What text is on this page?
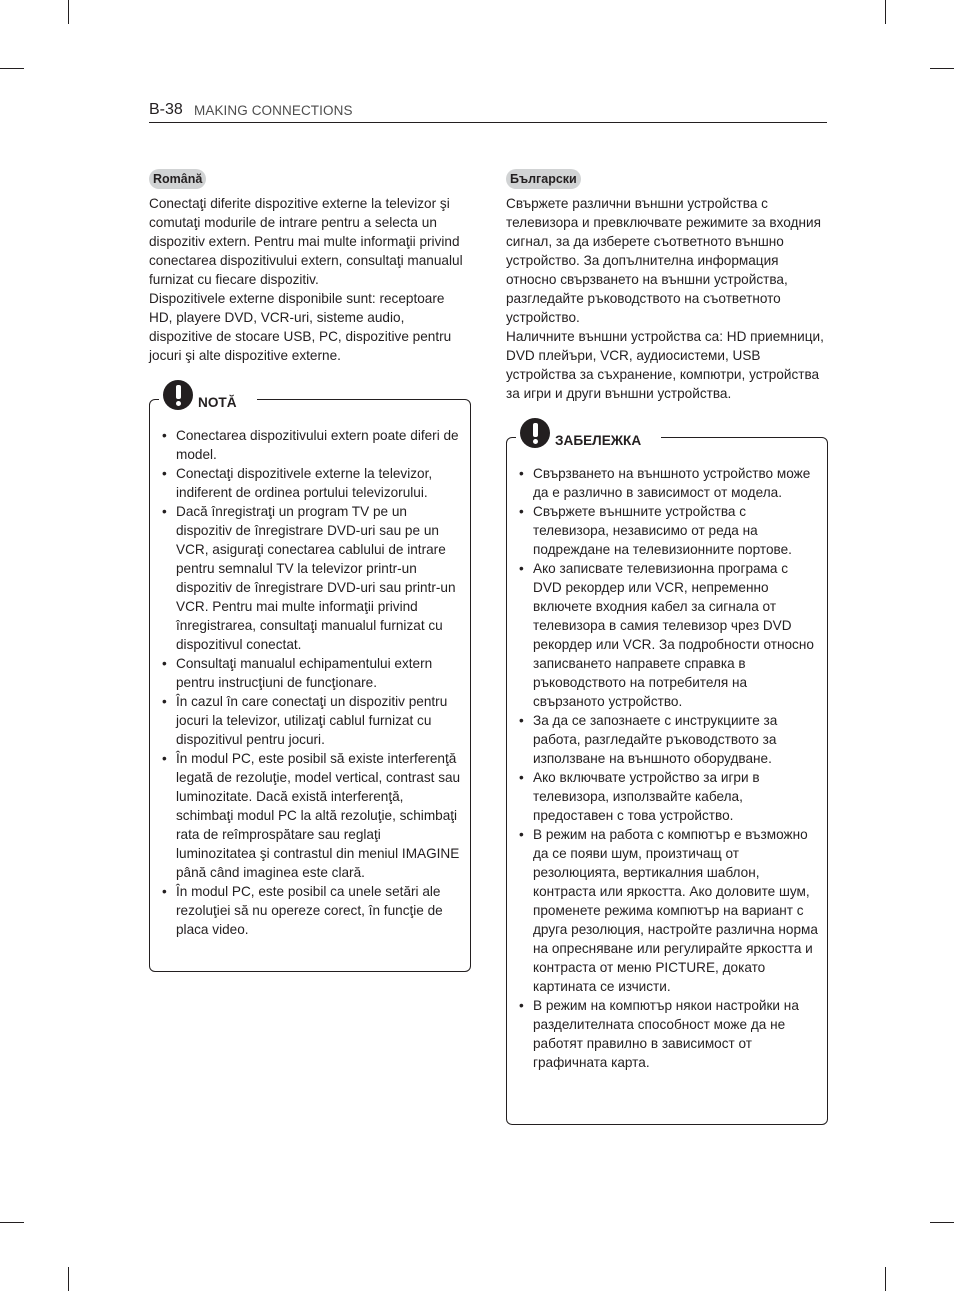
B-38 MAKING CONNECTIONS
Română

Conectaţi diferite dispozitive externe la televizor şi comutaţi modurile de intrare pentru a selecta un dispozitiv extern. Pentru mai multe informaţii privind conectarea dispozitivului extern, consultaţi manualul furnizat cu fiecare dispozitiv.

Dispozitivele externe disponibile sunt: receptoare HD, playere DVD, VCR-uri, sisteme audio, dispozitive de stocare USB, PC, dispozitive pentru jocuri şi alte dispozitive externe.

NOTĂ
• Conectarea dispozitivului extern poate diferi de model.
• Conectaţi dispozitivele externe la televizor, indiferent de ordinea portului televizorului.
• Dacă înregistraţi un program TV pe un dispozitiv de înregistrare DVD-uri sau pe un VCR, asiguraţi conectarea cablului de intrare pentru semnalul TV la televizor printr-un dispozitiv de înregistrare DVD-uri sau printr-un VCR. Pentru mai multe informaţii privind înregistrarea, consultaţi manualul furnizat cu dispozitivul conectat.
• Consultaţi manualul echipamentului extern pentru instrucţiuni de funcţionare.
• În cazul în care conectaţi un dispozitiv pentru jocuri la televizor, utilizaţi cablul furnizat cu dispozitivul pentru jocuri.
• În modul PC, este posibil să existe interferenţă legată de rezoluţie, model vertical, contrast sau luminozitate. Dacă există interferenţă, schimbaţi modul PC la altă rezoluţie, schimbaţi rata de reîmprospătare sau reglaţi luminozitatea şi contrastul din meniul IMAGINE până când imaginea este clară.
• În modul PC, este posibil ca unele setări ale rezoluţiei să nu opereze corect, în funcţie de placa video.
Български

Свържете различни външни устройства с телевизора и превключвате режимите за входния сигнал, за да изберете съответното външно устройство. За допълнителна информация относно свързването на външни устройства, разгледайте ръководството на съответното устройство.

Наличните външни устройства са: HD приемници, DVD плейъри, VCR, аудиосистеми, USB устройства за съхранение, компютри, устройства за игри и други външни устройства.

ЗАБЕЛЕЖКА
• Свързването на външното устройство може да е различно в зависимост от модела.
• Свържете външните устройства с телевизора, независимо от реда на подреждане на телевизионните портове.
• Ако записвате телевизионна програма с DVD рекордер или VCR, непременно включете входния кабел за сигнала от телевизора в самия телевизор чрез DVD рекордер или VCR. За подробности относно записването направете справка в ръководството на потребителя на свързаното устройство.
• За да се запознаете с инструкциите за работа, разгледайте ръководството за използване на външното оборудване.
• Ако включвате устройство за игри в телевизора, използвайте кабела, предоставен с това устройство.
• В режим на работа с компютър е възможно да се появи шум, произтичащ от резолюцията, вертикалния шаблон, контраста или яркостта. Ако доловите шум, променете режима компютър на вариант с друга резолюция, настройте различна норма на опресняване или регулирайте яркостта и контраста от меню PICTURE, докато картината се изчисти.
• В режим на компютър някои настройки на разделителната способност може да не работят правилно в зависимост от графичната карта.
